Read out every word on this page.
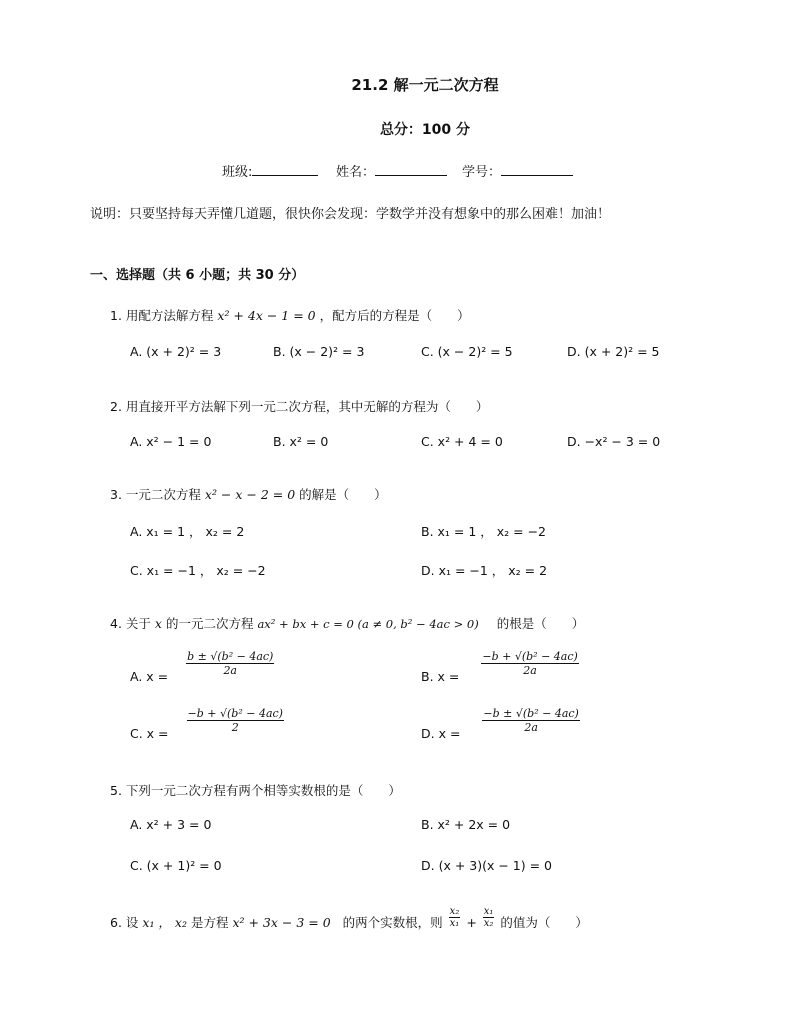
21.2 解一元二次方程
总分：100 分
班级:	姓名：	学号：
说明：只要坚持每天弄懂几道题，很快你会发现：学数学并没有想象中的那么困难！加油！
一、选择题（共 6 小题；共 30 分）
1. 用配方法解方程 x² + 4x − 1 = 0 ，配方后的方程是（　　）
A. (x + 2)² = 3	B. (x − 2)² = 3	C. (x − 2)² = 5	D. (x + 2)² = 5
2. 用直接开平方法解下列一元二次方程，其中无解的方程为（　　）
A. x² − 1 = 0	B. x² = 0	C. x² + 4 = 0	D. −x² − 3 = 0
3. 一元二次方程 x² − x − 2 = 0 的解是（　　）
A. x₁ = 1 ， x₂ = 2	B. x₁ = 1 ， x₂ = −2
C. x₁ = −1 ， x₂ = −2	D. x₁ = −1 ， x₂ = 2
4. 关于 x 的一元二次方程 ax² + bx + c = 0 (a ≠ 0, b² − 4ac > 0) 的根是（　　）
A. $x = \frac{\text{b ± √(b² − 4ac)}}{2a}$	B. $x = \frac{\text{−b + √(b² − 4ac)}}{2a}$
C. $x = \frac{\text{−b + √(b² − 4ac)}}{2}$	D. $x = \frac{\text{−b ± √(b² − 4ac)}}{2a}$
5. 下列一元二次方程有两个相等实数根的是（　　）
A. x² + 3 = 0	B. x² + 2x = 0
C. (x + 1)² = 0	D. (x + 3)(x − 1) = 0
6. 设 x₁ ， x₂ 是方程 x² + 3x − 3 = 0 的两个实数根，则 $\frac{\text{x₂}}{\text{x₁}} + \frac{\text{x₁}}{\text{x₂}}$ 的值为（　　）
